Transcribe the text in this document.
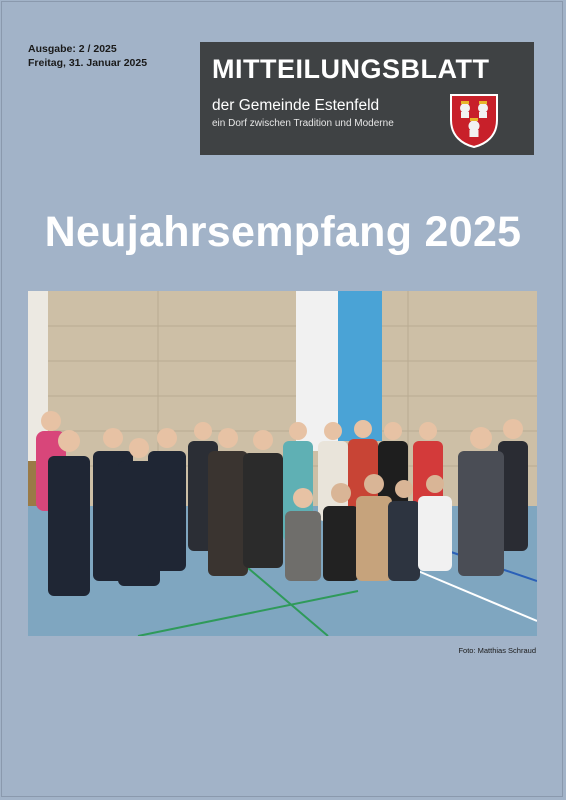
Ausgabe: 2 / 2025
Freitag, 31. Januar 2025 MITTEILUNGSBLATT
der Gemeinde Estenfeld
ein Dorf zwischen Tradition und Moderne
Neujahrsempfang 2025
Foto: Matthias Schraud
